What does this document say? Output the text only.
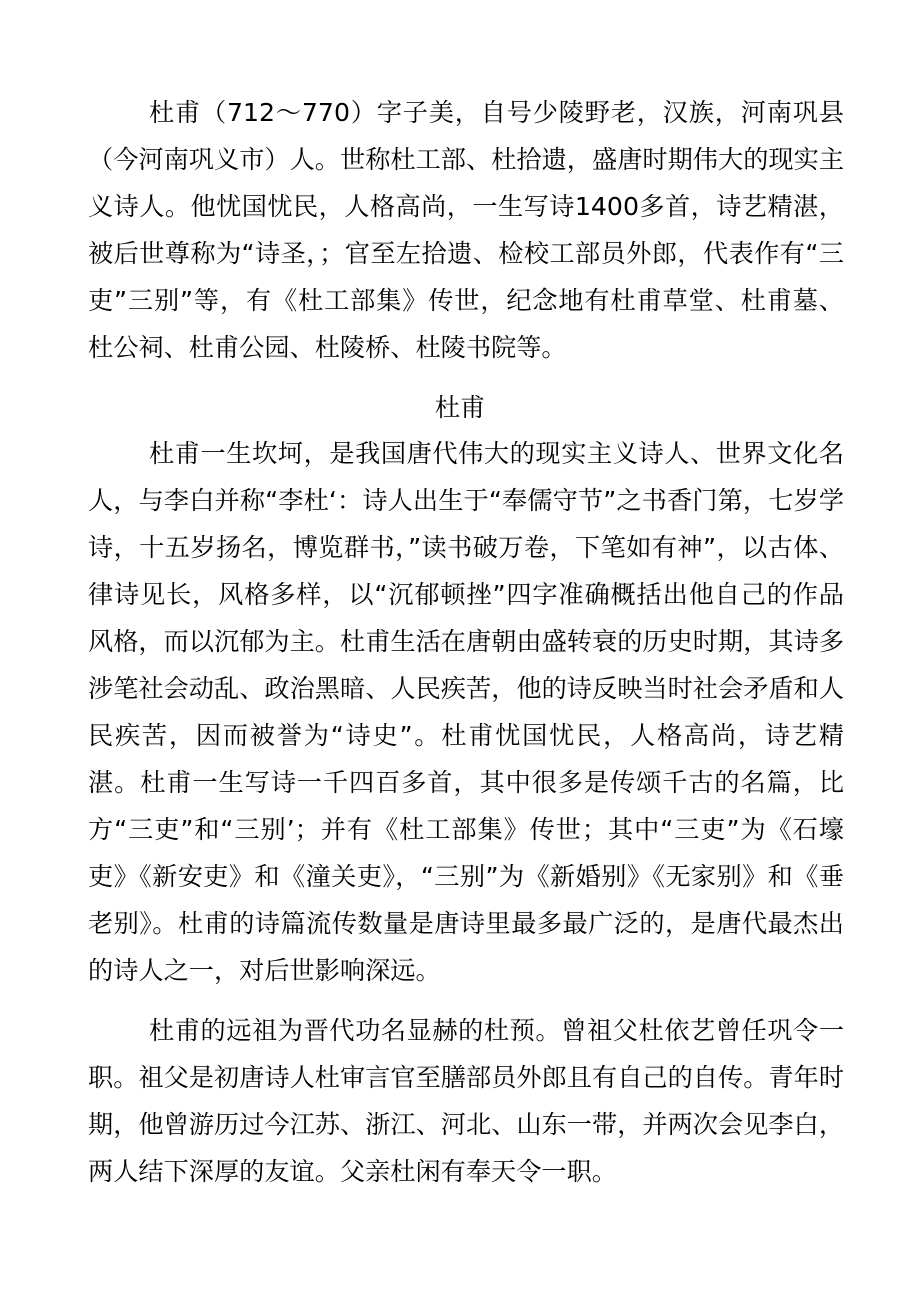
杜甫（712〜770）字子美，自号少陵野老，汉族，河南巩县（今河南巩义市）人。世称杜工部、杜拾遗，盛唐时期伟大的现实主义诗人。他忧国忧民，人格高尚，一生写诗1400多首，诗艺精湛，被后世尊称为“诗圣，；官至左拾遗、检校工部员外郎，代表作有“三吏”三别”等，有《杜工部集》传世，纪念地有杜甫草堂、杜甫墓、杜公祠、杜甫公园、杜陵桥、杜陵书院等。

杜甫

杜甫一生坎坷，是我国唐代伟大的现实主义诗人、世界文化名人，与李白并称“李杜‘：诗人出生于“奉儒守节”之书香门第，七岁学诗，十五岁扬名，博览群书，”读书破万卷，下笔如有神”，以古体、律诗见长，风格多样，以“沉郁顿挫”四字准确概括出他自己的作品风格，而以沉郁为主。杜甫生活在唐朝由盛转衰的历史时期，其诗多涉笔社会动乱、政治黑暗、人民疾苦，他的诗反映当时社会矛盾和人民疾苦，因而被誉为“诗史”。杜甫忧国忧民，人格高尚，诗艺精湛。杜甫一生写诗一千四百多首，其中很多是传颂千古的名篇，比方“三吏”和“三别’；并有《杜工部集》传世；其中“三吏”为《石壕吏》《新安吏》和《潼关吏》，“三别”为《新婚别》《无家别》和《垂老别》。杜甫的诗篇流传数量是唐诗里最多最广泛的，是唐代最杰出的诗人之一，对后世影响深远。

杜甫的远祖为晋代功名显赫的杜预。曾祖父杜依艺曾任巩令一职。祖父是初唐诗人杜审言官至膳部员外郎且有自己的自传。青年时期，他曾游历过今江苏、浙江、河北、山东一带，并两次会见李白，两人结下深厚的友谊。父亲杜闲有奉天令一职。
